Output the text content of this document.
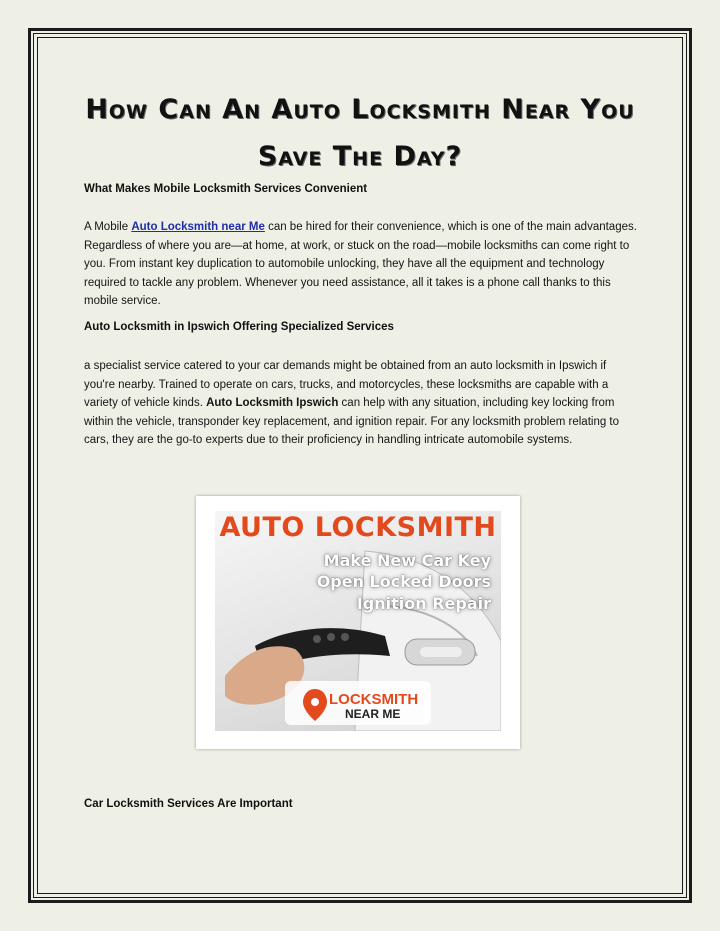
How Can An Auto Locksmith Near You
Save The Day?
What Makes Mobile Locksmith Services Convenient
A Mobile Auto Locksmith near Me can be hired for their convenience, which is one of the main advantages. Regardless of where you are—at home, at work, or stuck on the road—mobile locksmiths can come right to you. From instant key duplication to automobile unlocking, they have all the equipment and technology required to tackle any problem. Whenever you need assistance, all it takes is a phone call thanks to this mobile service.
Auto Locksmith in Ipswich Offering Specialized Services
a specialist service catered to your car demands might be obtained from an auto locksmith in Ipswich if you're nearby. Trained to operate on cars, trucks, and motorcycles, these locksmiths are capable with a variety of vehicle kinds. Auto Locksmith Ipswich can help with any situation, including key locking from within the vehicle, transponder key replacement, and ignition repair. For any locksmith problem relating to cars, they are the go-to experts due to their proficiency in handling intricate automobile systems.
AUTO LOCKSMITH
Make New Car Key
Open Locked Doors
Ignition Repair
LOCKSMITH
NEAR ME
Car Locksmith Services Are Important
